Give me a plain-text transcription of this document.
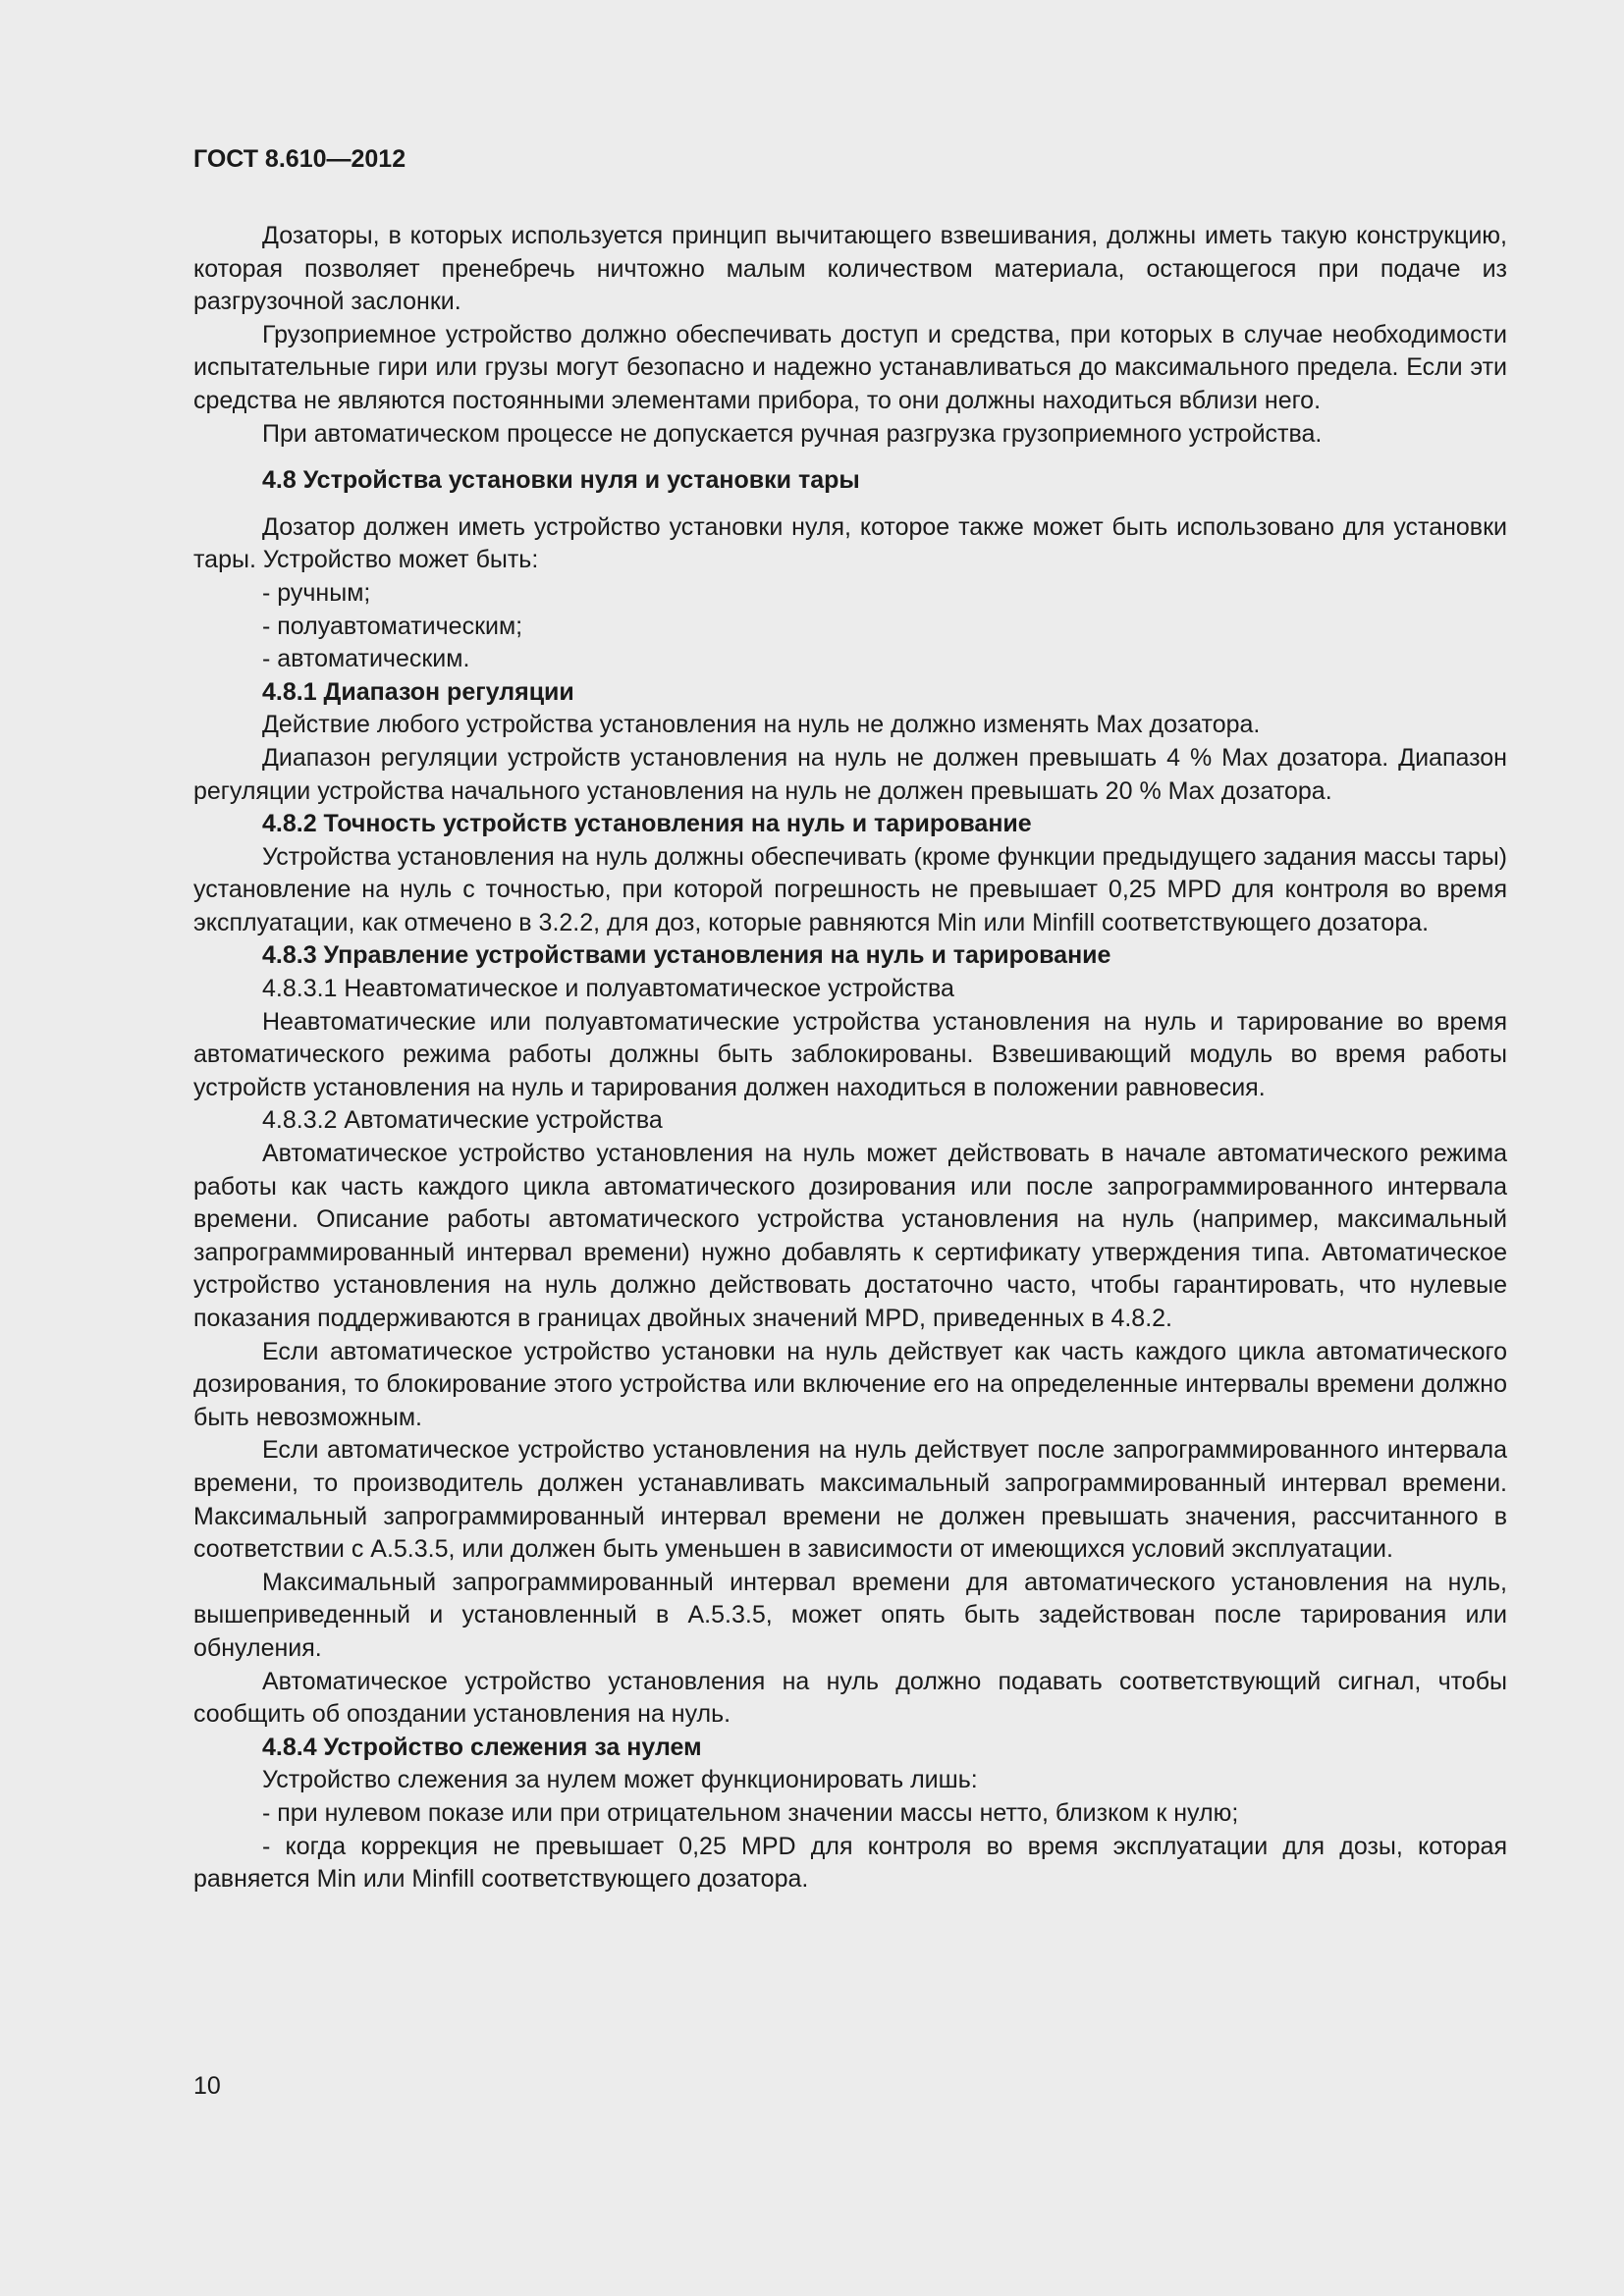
ГОСТ 8.610—2012

Дозаторы, в которых используется принцип вычитающего взвешивания, должны иметь такую конструкцию, которая позволяет пренебречь ничтожно малым количеством материала, остающегося при подаче из разгрузочной заслонки.

Грузоприемное устройство должно обеспечивать доступ и средства, при которых в случае необходимости испытательные гири или грузы могут безопасно и надежно устанавливаться до максимального предела. Если эти средства не являются постоянными элементами прибора, то они должны находиться вблизи него.

При автоматическом процессе не допускается ручная разгрузка грузоприемного устройства.

4.8 Устройства установки нуля и установки тары

Дозатор должен иметь устройство установки нуля, которое также может быть использовано для установки тары. Устройство может быть:

- ручным;

- полуавтоматическим;

- автоматическим.

4.8.1 Диапазон регуляции

Действие любого устройства установления на нуль не должно изменять Max дозатора.

Диапазон регуляции устройств установления на нуль не должен превышать 4 % Max дозатора. Диапазон регуляции устройства начального установления на нуль не должен превышать 20 % Max дозатора.

4.8.2 Точность устройств установления на нуль и тарирование

Устройства установления на нуль должны обеспечивать (кроме функции предыдущего задания массы тары) установление на нуль с точностью, при которой погрешность не превышает 0,25 MPD для контроля во время эксплуатации, как отмечено в 3.2.2, для доз, которые равняются Min или Minfill соответствующего дозатора.

4.8.3 Управление устройствами установления на нуль и тарирование
4.8.3.1 Неавтоматическое и полуавтоматическое устройства

Неавтоматические или полуавтоматические устройства установления на нуль и тарирование во время автоматического режима работы должны быть заблокированы. Взвешивающий модуль во время работы устройств установления на нуль и тарирования должен находиться в положении равновесия.

4.8.3.2 Автоматические устройства

Автоматическое устройство установления на нуль может действовать в начале автоматического режима работы как часть каждого цикла автоматического дозирования или после запрограммированного интервала времени. Описание работы автоматического устройства установления на нуль (например, максимальный запрограммированный интервал времени) нужно добавлять к сертификату утверждения типа. Автоматическое устройство установления на нуль должно действовать достаточно часто, чтобы гарантировать, что нулевые показания поддерживаются в границах двойных значений MPD, приведенных в 4.8.2.

Если автоматическое устройство установки на нуль действует как часть каждого цикла автоматического дозирования, то блокирование этого устройства или включение его на определенные интервалы времени должно быть невозможным.

Если автоматическое устройство установления на нуль действует после запрограммированного интервала времени, то производитель должен устанавливать максимальный запрограммированный интервал времени. Максимальный запрограммированный интервал времени не должен превышать значения, рассчитанного в соответствии с А.5.3.5, или должен быть уменьшен в зависимости от имеющихся условий эксплуатации.

Максимальный запрограммированный интервал времени для автоматического установления на нуль, вышеприведенный и установленный в А.5.3.5, может опять быть задействован после тарирования или обнуления.

Автоматическое устройство установления на нуль должно подавать соответствующий сигнал, чтобы сообщить об опоздании установления на нуль.

4.8.4 Устройство слежения за нулем

Устройство слежения за нулем может функционировать лишь:

- при нулевом показе или при отрицательном значении массы нетто, близком к нулю;

- когда коррекция не превышает 0,25 MPD для контроля во время эксплуатации для дозы, которая равняется Min или Minfill соответствующего дозатора.

10
